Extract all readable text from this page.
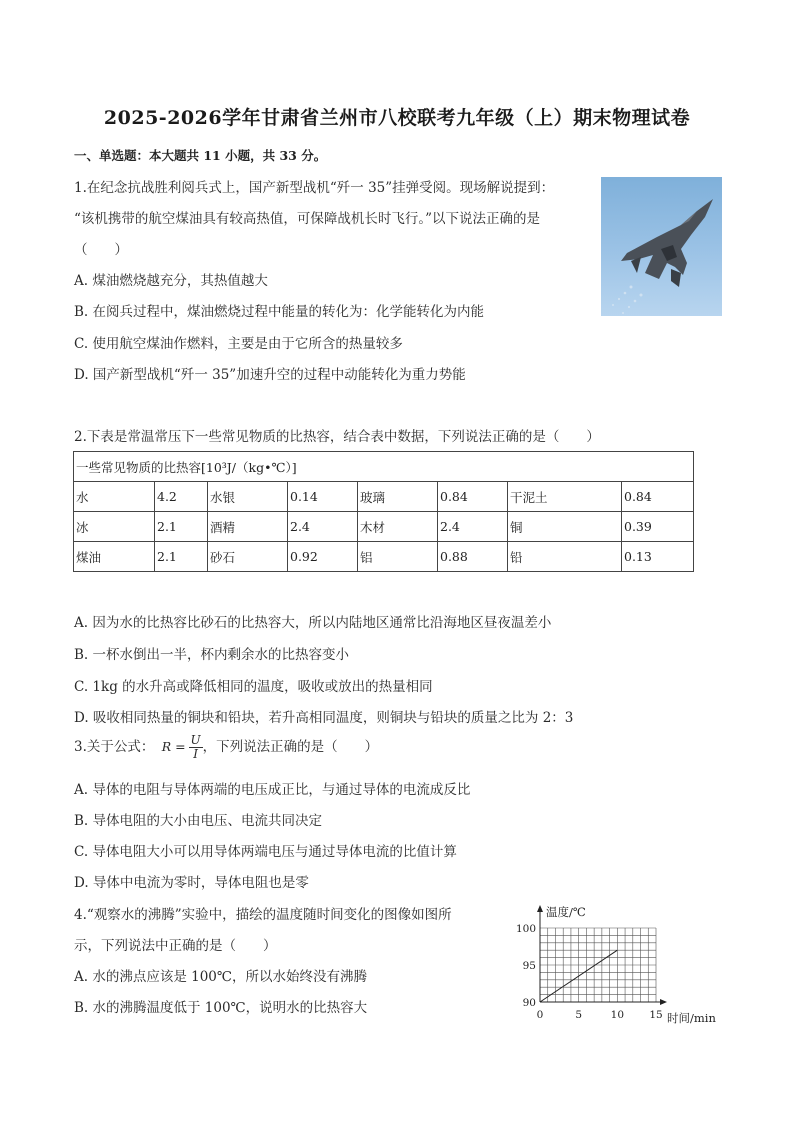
2025-2026学年甘肃省兰州市八校联考九年级（上）期末物理试卷
一、单选题：本大题共 11 小题，共 33 分。
1.在纪念抗战胜利阅兵式上，国产新型战机“歼一 35”挂弹受阅。现场解说提到：
“该机携带的航空煤油具有较高热值，可保障战机长时飞行。”以下说法正确的是
（　　）
A. 煤油燃烧越充分，其热值越大
B. 在阅兵过程中，煤油燃烧过程中能量的转化为：化学能转化为内能
C. 使用航空煤油作燃料，主要是由于它所含的热量较多
D. 国产新型战机“歼一 35”加速升空的过程中动能转化为重力势能
2.下表是常温常压下一些常见物质的比热容，结合表中数据，下列说法正确的是（　　）
一些常见物质的比热容[10³J/（kg•℃）]							
水	4.2	水银	0.14	玻璃	0.84	干泥土	0.84
冰	2.1	酒精	2.4	木材	2.4	铜	0.39
煤油	2.1	砂石	0.92	铝	0.88	铅	0.13
A. 因为水的比热容比砂石的比热容大，所以内陆地区通常比沿海地区昼夜温差小
B. 一杯水倒出一半，杯内剩余水的比热容变小
C. 1kg 的水升高或降低相同的温度，吸收或放出的热量相同
D. 吸收相同热量的铜块和铅块，若升高相同温度，则铜块与铅块的质量之比为 2：3
3.关于公式： $R = \frac{U}{I}$ ，下列说法正确的是（　　）
A. 导体的电阻与导体两端的电压成正比，与通过导体的电流成反比
B. 导体电阻的大小由电压、电流共同决定
C. 导体电阻大小可以用导体两端电压与通过导体电流的比值计算
D. 导体中电流为零时，导体电阻也是零
4.“观察水的沸腾”实验中，描绘的温度随时间变化的图像如图所
示，下列说法中正确的是（　　）
A. 水的沸点应该是 100℃，所以水始终没有沸腾
B. 水的沸腾温度低于 100℃，说明水的比热容大
温度/℃
时间/min
90
95
100
0	5	10 15
